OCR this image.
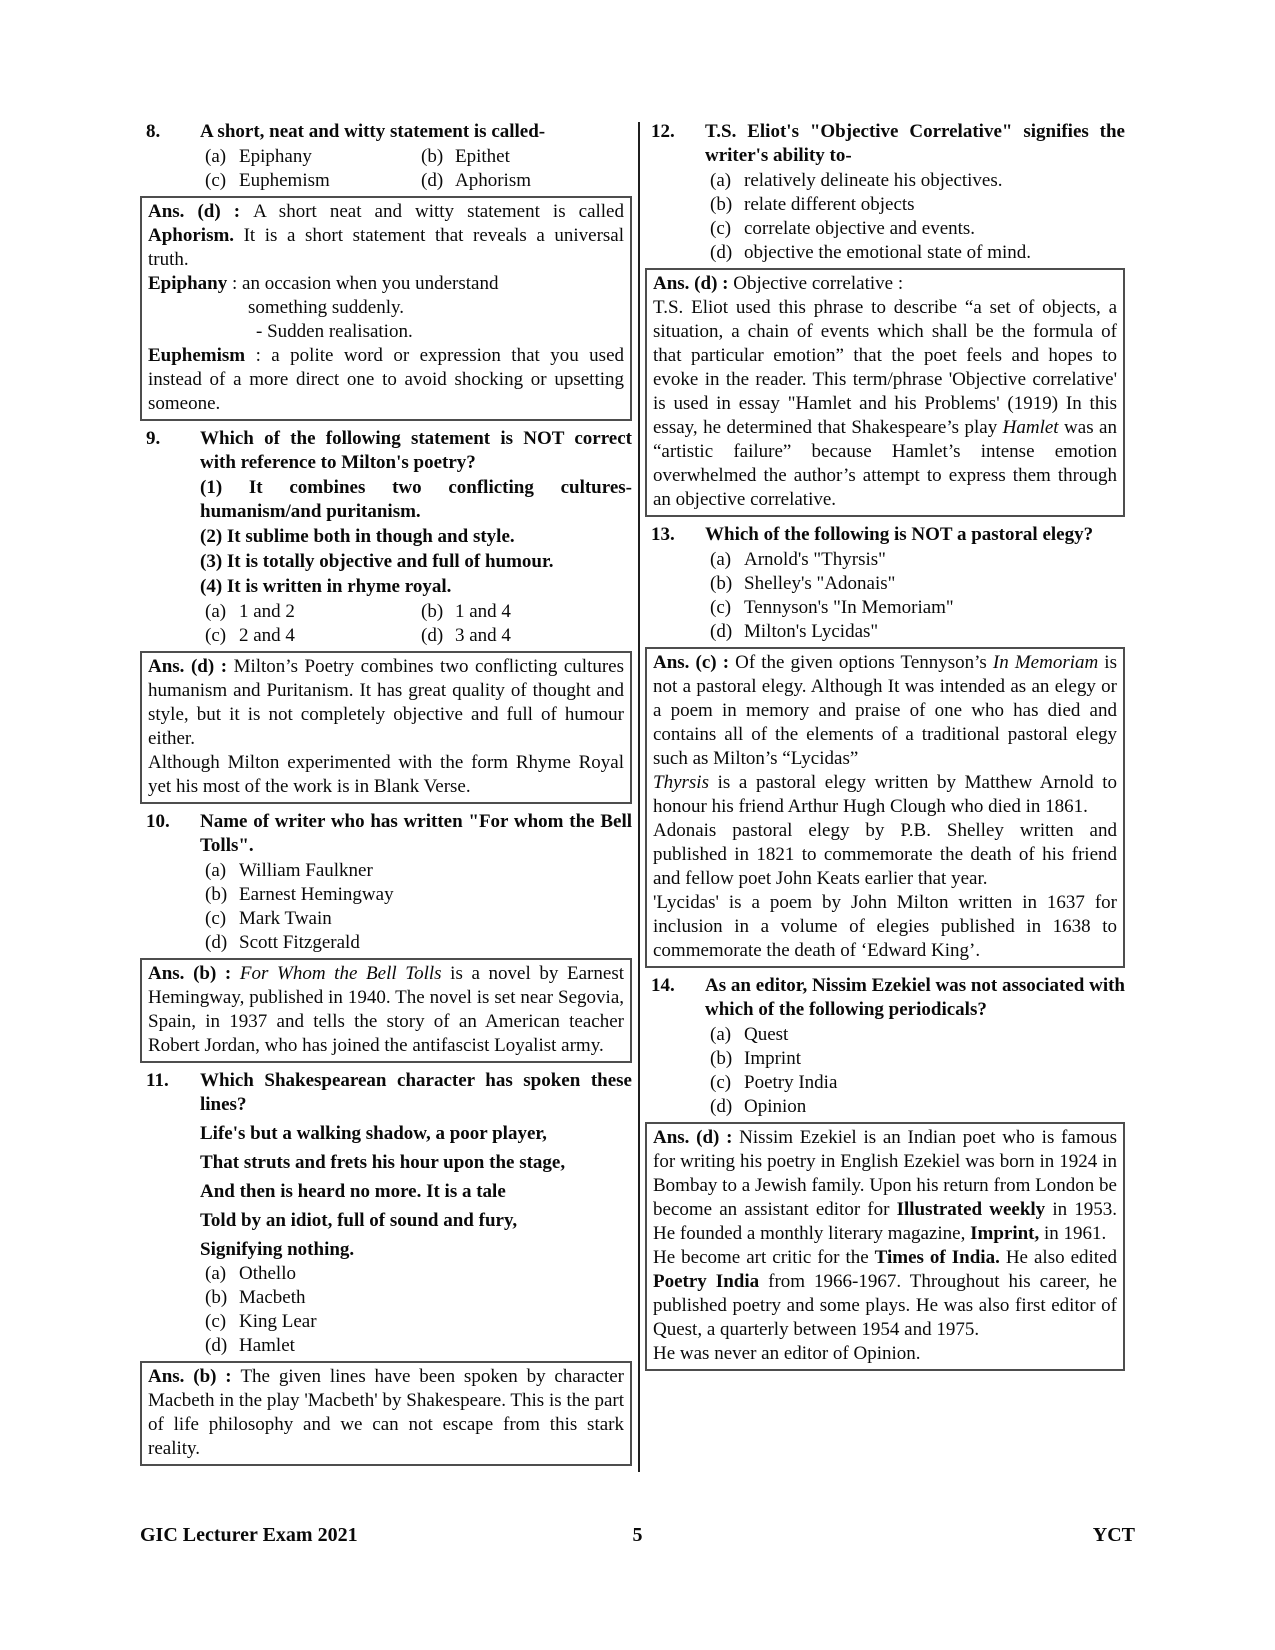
8.	A short, neat and witty statement is called-
(a) Epiphany	(b) Epithet
(c) Euphemism	(d) Aphorism
Ans. (d) : A short neat and witty statement is called Aphorism. It is a short statement that reveals a universal truth.
Epiphany : an occasion when you understand
something suddenly.
- Sudden realisation.
Euphemism : a polite word or expression that you used instead of a more direct one to avoid shocking or upsetting someone.
9.	Which of the following statement is NOT correct with reference to Milton's poetry?
(1) It combines two conflicting cultures-humanism/and puritanism.
(2) It sublime both in though and style.
(3) It is totally objective and full of humour.
(4) It is written in rhyme royal.
(a) 1 and 2	(b) 1 and 4
(c) 2 and 4	(d) 3 and 4
Ans. (d) : Milton’s Poetry combines two conflicting cultures humanism and Puritanism. It has great quality of thought and style, but it is not completely objective and full of humour either.
Although Milton experimented with the form Rhyme Royal yet his most of the work is in Blank Verse.
10.	Name of writer who has written "For whom the Bell Tolls".
(a) William Faulkner
(b) Earnest Hemingway
(c) Mark Twain
(d) Scott Fitzgerald
Ans. (b) : For Whom the Bell Tolls is a novel by Earnest Hemingway, published in 1940. The novel is set near Segovia, Spain, in 1937 and tells the story of an American teacher Robert Jordan, who has joined the antifascist Loyalist army.
11.	Which Shakespearean character has spoken these lines?
Life's but a walking shadow, a poor player,
That struts and frets his hour upon the stage,
And then is heard no more. It is a tale
Told by an idiot, full of sound and fury,
Signifying nothing.
(a) Othello
(b) Macbeth
(c) King Lear
(d) Hamlet
Ans. (b) : The given lines have been spoken by character Macbeth in the play 'Macbeth' by Shakespeare. This is the part of life philosophy and we can not escape from this stark reality.
12.	T.S. Eliot's "Objective Correlative" signifies the writer's ability to-
(a) relatively delineate his objectives.
(b) relate different objects
(c) correlate objective and events.
(d) objective the emotional state of mind.
Ans. (d) : Objective correlative :
T.S. Eliot used this phrase to describe “a set of objects, a situation, a chain of events which shall be the formula of that particular emotion” that the poet feels and hopes to evoke in the reader. This term/phrase 'Objective correlative' is used in essay "Hamlet and his Problems' (1919) In this essay, he determined that Shakespeare’s play Hamlet was an “artistic failure” because Hamlet’s intense emotion overwhelmed the author’s attempt to express them through an objective correlative.
13.	Which of the following is NOT a pastoral elegy?
(a) Arnold's "Thyrsis"
(b) Shelley's "Adonais"
(c) Tennyson's "In Memoriam"
(d) Milton's Lycidas"
Ans. (c) : Of the given options Tennyson’s In Memoriam is not a pastoral elegy. Although It was intended as an elegy or a poem in memory and praise of one who has died and contains all of the elements of a traditional pastoral elegy such as Milton’s “Lycidas”
Thyrsis is a pastoral elegy written by Matthew Arnold to honour his friend Arthur Hugh Clough who died in 1861.
Adonais pastoral elegy by P.B. Shelley written and published in 1821 to commemorate the death of his friend and fellow poet John Keats earlier that year.
'Lycidas' is a poem by John Milton written in 1637 for inclusion in a volume of elegies published in 1638 to commemorate the death of ‘Edward King’.
14.	As an editor, Nissim Ezekiel was not associated with which of the following periodicals?
(a) Quest
(b) Imprint
(c) Poetry India
(d) Opinion
Ans. (d) : Nissim Ezekiel is an Indian poet who is famous for writing his poetry in English Ezekiel was born in 1924 in Bombay to a Jewish family. Upon his return from London be become an assistant editor for Illustrated weekly in 1953. He founded a monthly literary magazine, Imprint, in 1961.
He become art critic for the Times of India. He also edited Poetry India from 1966-1967. Throughout his career, he published poetry and some plays. He was also first editor of Quest, a quarterly between 1954 and 1975.
He was never an editor of Opinion.
GIC Lecturer Exam 2021	5	YCT
